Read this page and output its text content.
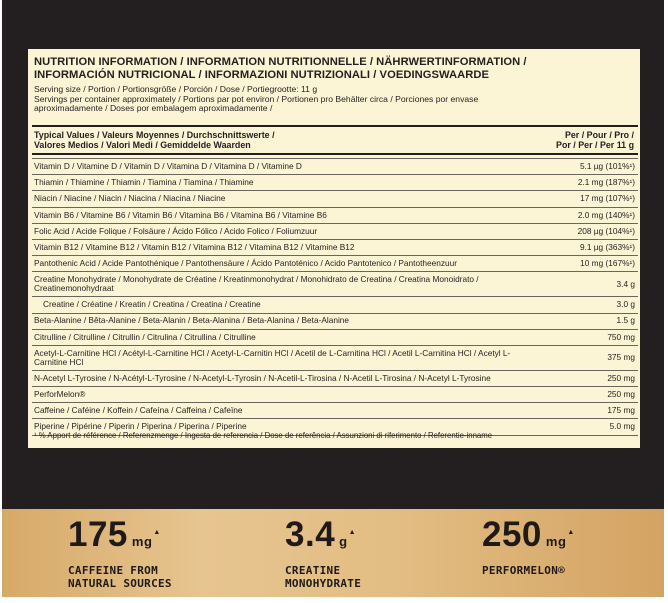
NUTRITION INFORMATION / INFORMATION NUTRITIONNELLE / NÄHRWERTINFORMATION /
INFORMACIÓN NUTRICIONAL / INFORMAZIONI NUTRIZIONALI / VOEDINGSWAARDE
Serving size / Portion / Portionsgröße / Porción / Dose / Portiegrootte: 11 g
Servings per container approximately / Portions par pot environ / Portionen pro Behälter circa / Porciones por envase
aproximadamente / Doses por embalagem aproximadamente /
Typical Values / Valeurs Moyennes / Durchschnittswerte /
Valores Medios / Valori Medi / Gemiddelde Waarden
Per / Pour / Pro /
Por / Per / Per 11 g
Vitamin D / Vitamine D / Vitamin D / Vitamina D / Vitamina D / Vitamine D	5.1 µg (101%¹)
Thiamin / Thiamine / Thiamin / Tiamina / Tiamina / Thiamine	2.1 mg (187%¹)
Niacin / Niacine / Niacin / Niacina / Niacina / Niacine	17 mg (107%¹)
Vitamin B6 / Vitamine B6 / Vitamin B6 / Vitamina B6 / Vitamina B6 / Vitamine B6	2.0 mg (140%¹)
Folic Acid / Acide Folique / Folsäure / Ácido Fólico / Acido Folico / Foliumzuur	208 µg (104%¹)
Vitamin B12 / Vitamine B12 / Vitamin B12 / Vitamina B12 / Vitamina B12 / Vitamine B12	9.1 µg (363%¹)
Pantothenic Acid / Acide Pantothénique / Pantothensäure / Ácido Pantoténico / Acido Pantotenico / Pantotheenzuur	10 mg (167%¹)
Creatine Monohydrate / Monohydrate de Créatine / Kreatinmonohydrat / Monohidrato de Creatina / Creatina Monoidrato / Creatinemonohydraat	3.4 g
Creatine / Créatine / Kreatin / Creatina / Creatina / Creatine	3.0 g
Beta-Alanine / Bêta-Alanine / Beta-Alanin / Beta-Alanina / Beta-Alanina / Beta-Alanine	1.5 g
Citrulline / Citrulline / Citrullin / Citrulina / Citrullina / Citrulline	750 mg
Acetyl-L-Carnitine HCl / Acétyl-L-Carnitine HCl / Acetyl-L-Carnitin HCl / Acetil de L-Carnitina HCl / Acetil L-Carnitina HCl / Acetyl L-Carnitine HCl	375 mg
N-Acetyl L-Tyrosine / N-Acétyl-L-Tyrosine / N-Acetyl-L-Tyrosin / N-Acetil-L-Tirosina / N-Acetil L-Tirosina / N-Acetyl L-Tyrosine	250 mg
PerforMelon®	250 mg
Caffeine / Caféine / Koffein / Cafeína / Caffeina / Cafeïne	175 mg
Piperine / Pipérine / Piperin / Piperina / Piperina / Piperine	5.0 mg
¹ % Apport de référence / Referenzmenge / Ingesta de referencia / Dose de referência / Assunzioni di riferimento / Referentie-inname
175 mg
▲
CAFFEINE FROM
NATURAL SOURCES
3.4 g
▲
CREATINE
MONOHYDRATE
250 mg
▲
PERFORMELON®
